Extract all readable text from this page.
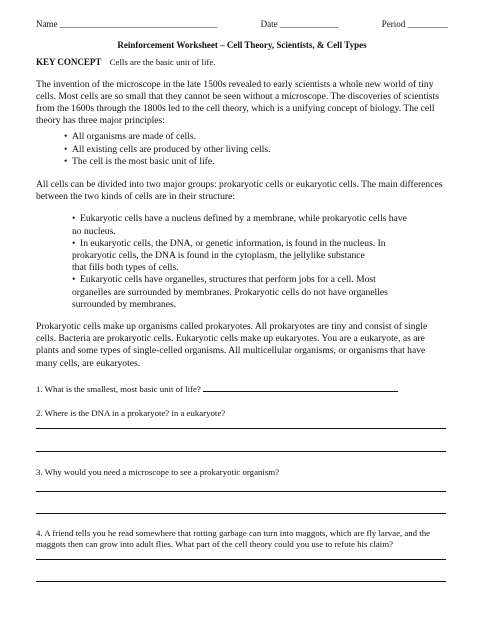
Name ___________________________________	Date _____________	Period _________
Reinforcement Worksheet – Cell Theory, Scientists, & Cell Types
KEY CONCEPT Cells are the basic unit of life.

The invention of the microscope in the late 1500s revealed to early scientists a whole new world of tiny cells. Most cells are so small that they cannot be seen without a microscope. The discoveries of scientists from the 1600s through the 1800s led to the cell theory, which is a unifying concept of biology. The cell theory has three major principles:

• All organisms are made of cells.
• All existing cells are produced by other living cells.
• The cell is the most basic unit of life.

All cells can be divided into two major groups: prokaryotic cells or eukaryotic cells. The main differences between the two kinds of cells are in their structure:

• Eukaryotic cells have a nucleus defined by a membrane, while prokaryotic cells have
no nucleus.
• In eukaryotic cells, the DNA, or genetic information, is found in the nucleus. In
prokaryotic cells, the DNA is found in the cytoplasm, the jellylike substance
that fills both types of cells.
• Eukaryotic cells have organelles, structures that perform jobs for a cell. Most
organelles are surrounded by membranes. Prokaryotic cells do not have organelles
surrounded by membranes.

Prokaryotic cells make up organisms called prokaryotes. All prokaryotes are tiny and consist of single cells. Bacteria are prokaryotic cells. Eukaryotic cells make up eukaryotes. You are a eukaryote, as are plants and some types of single-celled organisms. All multicellular organisms, or organisms that have many cells, are eukaryotes.

1. What is the smallest, most basic unit of life?
2. Where is the DNA in a prokaryote? in a eukaryote?
3. Why would you need a microscope to see a prokaryotic organism?
4. A friend tells you he read somewhere that rotting garbage can turn into maggots, which are fly larvae, and the maggots then can grow into adult flies. What part of the cell theory could you use to refute his claim?
